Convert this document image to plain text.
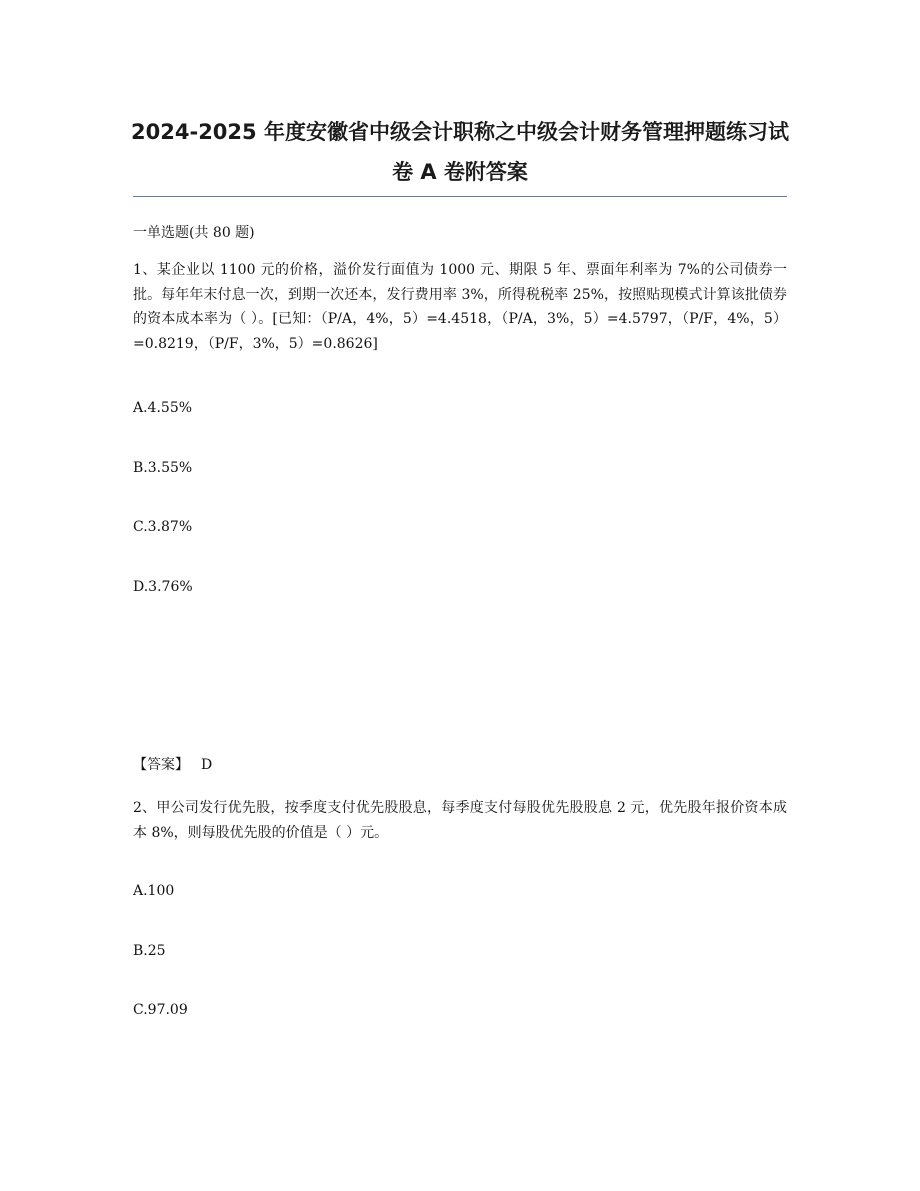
2024-2025 年度安徽省中级会计职称之中级会计财务管理押题练习试卷 A 卷附答案
一单选题(共 80 题)
1、某企业以 1100 元的价格，溢价发行面值为 1000 元、期限 5 年、票面年利率为 7%的公司债券一批。每年年末付息一次，到期一次还本，发行费用率 3%，所得税税率 25%，按照贴现模式计算该批债券的资本成本率为（ ）。[已知：（P/A，4%，5）=4.4518，（P/A，3%，5）=4.5797，（P/F，4%，5）=0.8219，（P/F，3%，5）=0.8626]
A.4.55%
B.3.55%
C.3.87%
D.3.76%
【答案】 D
2、甲公司发行优先股，按季度支付优先股股息，每季度支付每股优先股股息 2 元，优先股年报价资本成本 8%，则每股优先股的价值是（ ）元。
A.100
B.25
C.97.09
